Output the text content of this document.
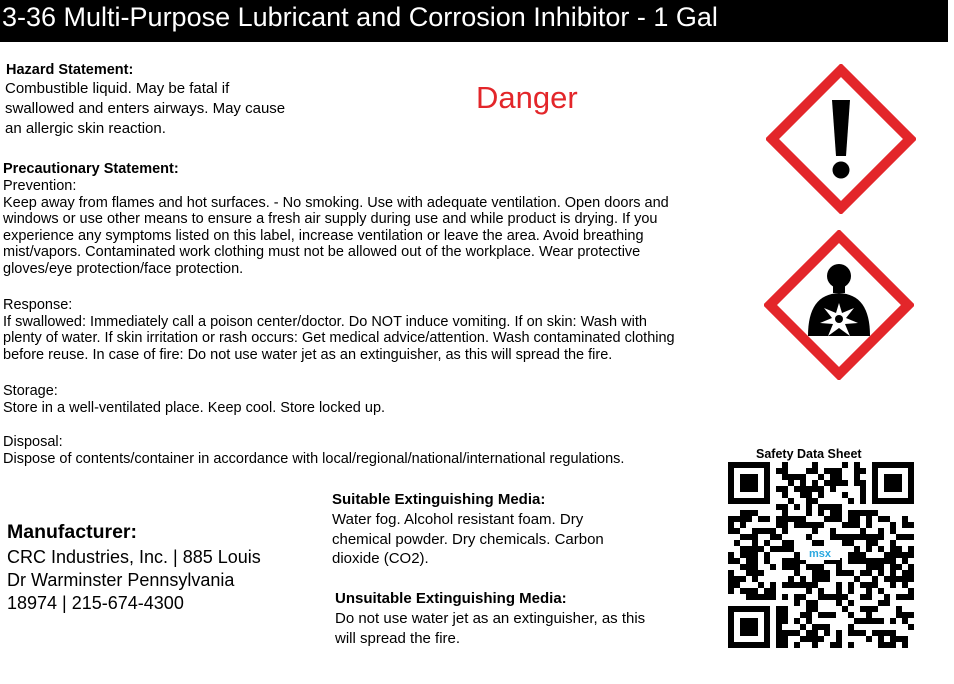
3-36 Multi-Purpose Lubricant and Corrosion Inhibitor - 1 Gal
Hazard Statement:
Combustible liquid. May be fatal if
swallowed and enters airways. May cause
an allergic skin reaction.
Danger
Precautionary Statement:
Prevention:
Keep away from flames and hot surfaces. - No smoking. Use with adequate ventilation. Open doors and
windows or use other means to ensure a fresh air supply during use and while product is drying. If you
experience any symptoms listed on this label, increase ventilation or leave the area. Avoid breathing
mist/vapors. Contaminated work clothing must not be allowed out of the workplace. Wear protective
gloves/eye protection/face protection.
Response:
If swallowed: Immediately call a poison center/doctor. Do NOT induce vomiting. If on skin: Wash with
plenty of water. If skin irritation or rash occurs: Get medical advice/attention. Wash contaminated clothing
before reuse. In case of fire: Do not use water jet as an extinguisher, as this will spread the fire.
Storage:
Store in a well-ventilated place. Keep cool. Store locked up.
Disposal:
Dispose of contents/container in accordance with local/regional/national/international regulations.
Manufacturer:
CRC Industries, Inc. | 885 Louis
Dr Warminster Pennsylvania
18974 | 215-674-4300
Suitable Extinguishing Media:
Water fog. Alcohol resistant foam. Dry
chemical powder. Dry chemicals. Carbon
dioxide (CO2).
Unsuitable Extinguishing Media:
Do not use water jet as an extinguisher, as this
will spread the fire.
Safety Data Sheet
msx
